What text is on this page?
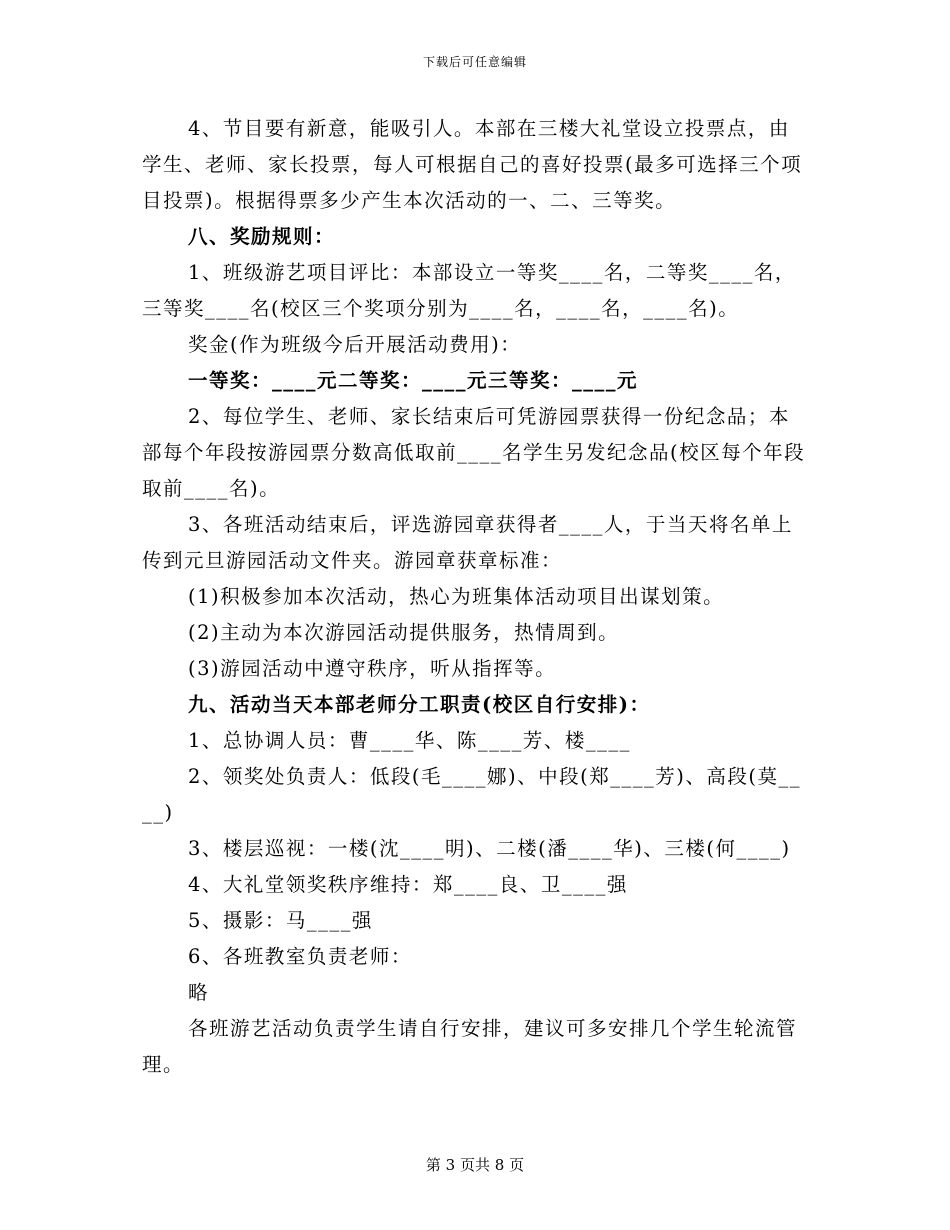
下载后可任意编辑

4、节目要有新意，能吸引人。本部在三楼大礼堂设立投票点，由学生、老师、家长投票，每人可根据自己的喜好投票(最多可选择三个项目投票)。根据得票多少产生本次活动的一、二、三等奖。

八、奖励规则：

1、班级游艺项目评比：本部设立一等奖____名，二等奖____名，三等奖____名(校区三个奖项分别为____名，____名，____名)。

奖金(作为班级今后开展活动费用)：

一等奖：____元二等奖：____元三等奖：____元

2、每位学生、老师、家长结束后可凭游园票获得一份纪念品；本部每个年段按游园票分数高低取前____名学生另发纪念品(校区每个年段取前____名)。

3、各班活动结束后，评选游园章获得者____人，于当天将名单上传到元旦游园活动文件夹。游园章获章标准：

(1)积极参加本次活动，热心为班集体活动项目出谋划策。

(2)主动为本次游园活动提供服务，热情周到。

(3)游园活动中遵守秩序，听从指挥等。

九、活动当天本部老师分工职责(校区自行安排)：

1、总协调人员：曹____华、陈____芳、楼____

2、领奖处负责人：低段(毛____娜)、中段(郑____芳)、高段(莫____)

3、楼层巡视：一楼(沈____明)、二楼(潘____华)、三楼(何____)

4、大礼堂领奖秩序维持：郑____良、卫____强

5、摄影：马____强

6、各班教室负责老师：

略

各班游艺活动负责学生请自行安排，建议可多安排几个学生轮流管理。

第 3 页共 8 页
